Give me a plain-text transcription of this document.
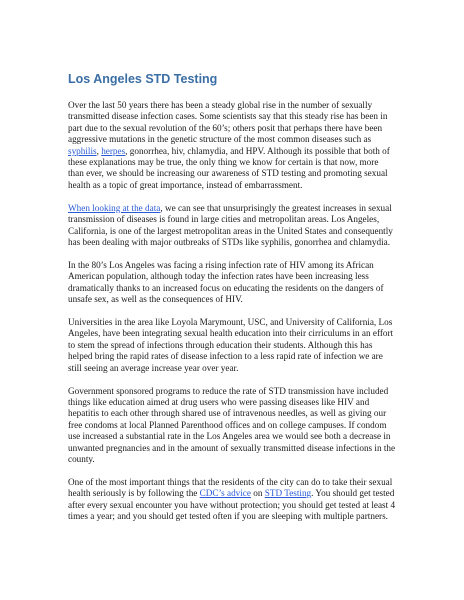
Los Angeles STD Testing

Over the last 50 years there has been a steady global rise in the number of sexually transmitted disease infection cases. Some scientists say that this steady rise has been in part due to the sexual revolution of the 60’s; others posit that perhaps there have been aggressive mutations in the genetic structure of the most common diseases such as syphilis, herpes, gonorrhea, hiv, chlamydia, and HPV. Although its possible that both of these explanations may be true, the only thing we know for certain is that now, more than ever, we should be increasing our awareness of STD testing and promoting sexual health as a topic of great importance, instead of embarrassment.

When looking at the data, we can see that unsurprisingly the greatest increases in sexual transmission of diseases is found in large cities and metropolitan areas. Los Angeles, California, is one of the largest metropolitan areas in the United States and consequently has been dealing with major outbreaks of STDs like syphilis, gonorrhea and chlamydia.

In the 80’s Los Angeles was facing a rising infection rate of HIV among its African American population, although today the infection rates have been increasing less dramatically thanks to an increased focus on educating the residents on the dangers of unsafe sex, as well as the consequences of HIV.

Universities in the area like Loyola Marymount, USC, and University of California, Los Angeles, have been integrating sexual health education into their cirriculums in an effort to stem the spread of infections through education their students. Although this has helped bring the rapid rates of disease infection to a less rapid rate of infection we are still seeing an average increase year over year.

Government sponsored programs to reduce the rate of STD transmission have included things like education aimed at drug users who were passing diseases like HIV and hepatitis to each other through shared use of intravenous needles, as well as giving our free condoms at local Planned Parenthood offices and on college campuses. If condom use increased a substantial rate in the Los Angeles area we would see both a decrease in unwanted pregnancies and in the amount of sexually transmitted disease infections in the county.

One of the most important things that the residents of the city can do to take their sexual health seriously is by following the CDC’s advice on STD Testing. You should get tested after every sexual encounter you have without protection; you should get tested at least 4 times a year; and you should get tested often if you are sleeping with multiple partners.
